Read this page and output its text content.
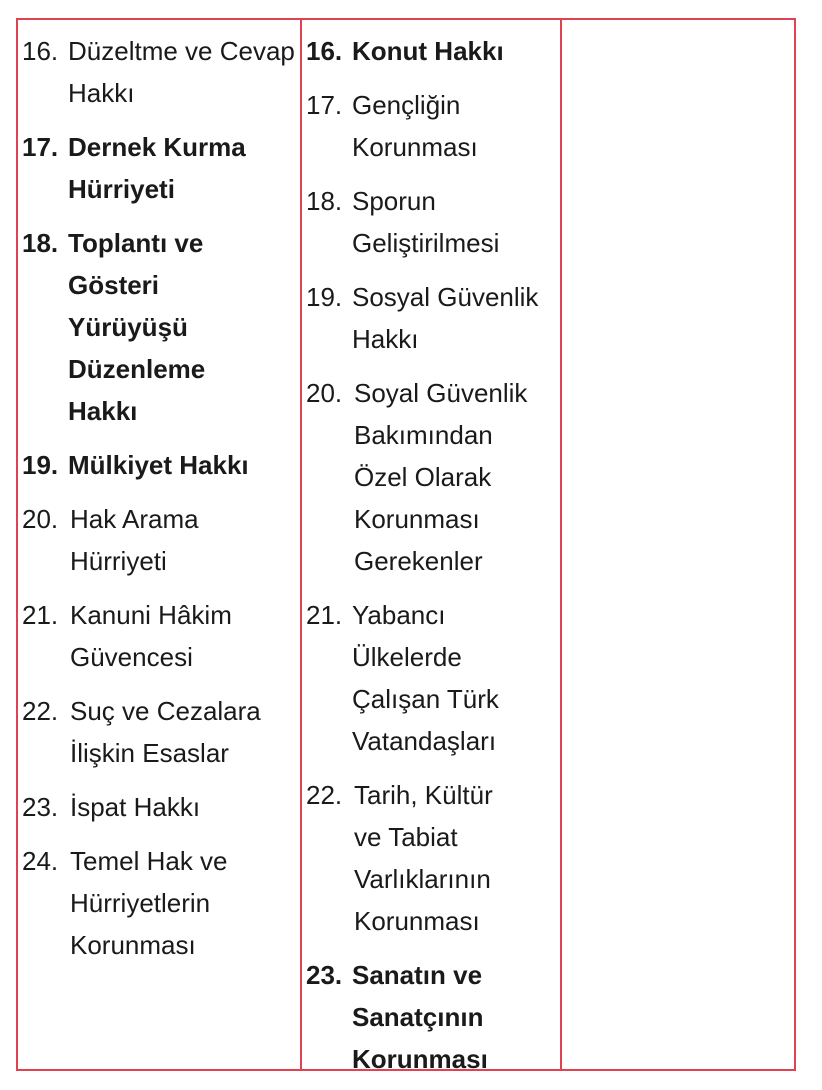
16. Düzeltme ve Cevap Hakkı
17. Dernek Kurma Hürriyeti
18. Toplantı ve Gösteri Yürüyüşü Düzenleme Hakkı
19. Mülkiyet Hakkı
20. Hak Arama Hürriyeti
21. Kanuni Hâkim Güvencesi
22. Suç ve Cezalara İlişkin Esaslar
23. İspat Hakkı
24. Temel Hak ve Hürriyetlerin Korunması
16. Konut Hakkı
17. Gençliğin Korunması
18. Sporun Geliştirilmesi
19. Sosyal Güvenlik Hakkı
20. Soyal Güvenlik Bakımından Özel Olarak Korunması Gerekenler
21. Yabancı Ülkelerde Çalışan Türk Vatandaşları
22. Tarih, Kültür ve Tabiat Varlıklarının Korunması
23. Sanatın ve Sanatçının Korunması
